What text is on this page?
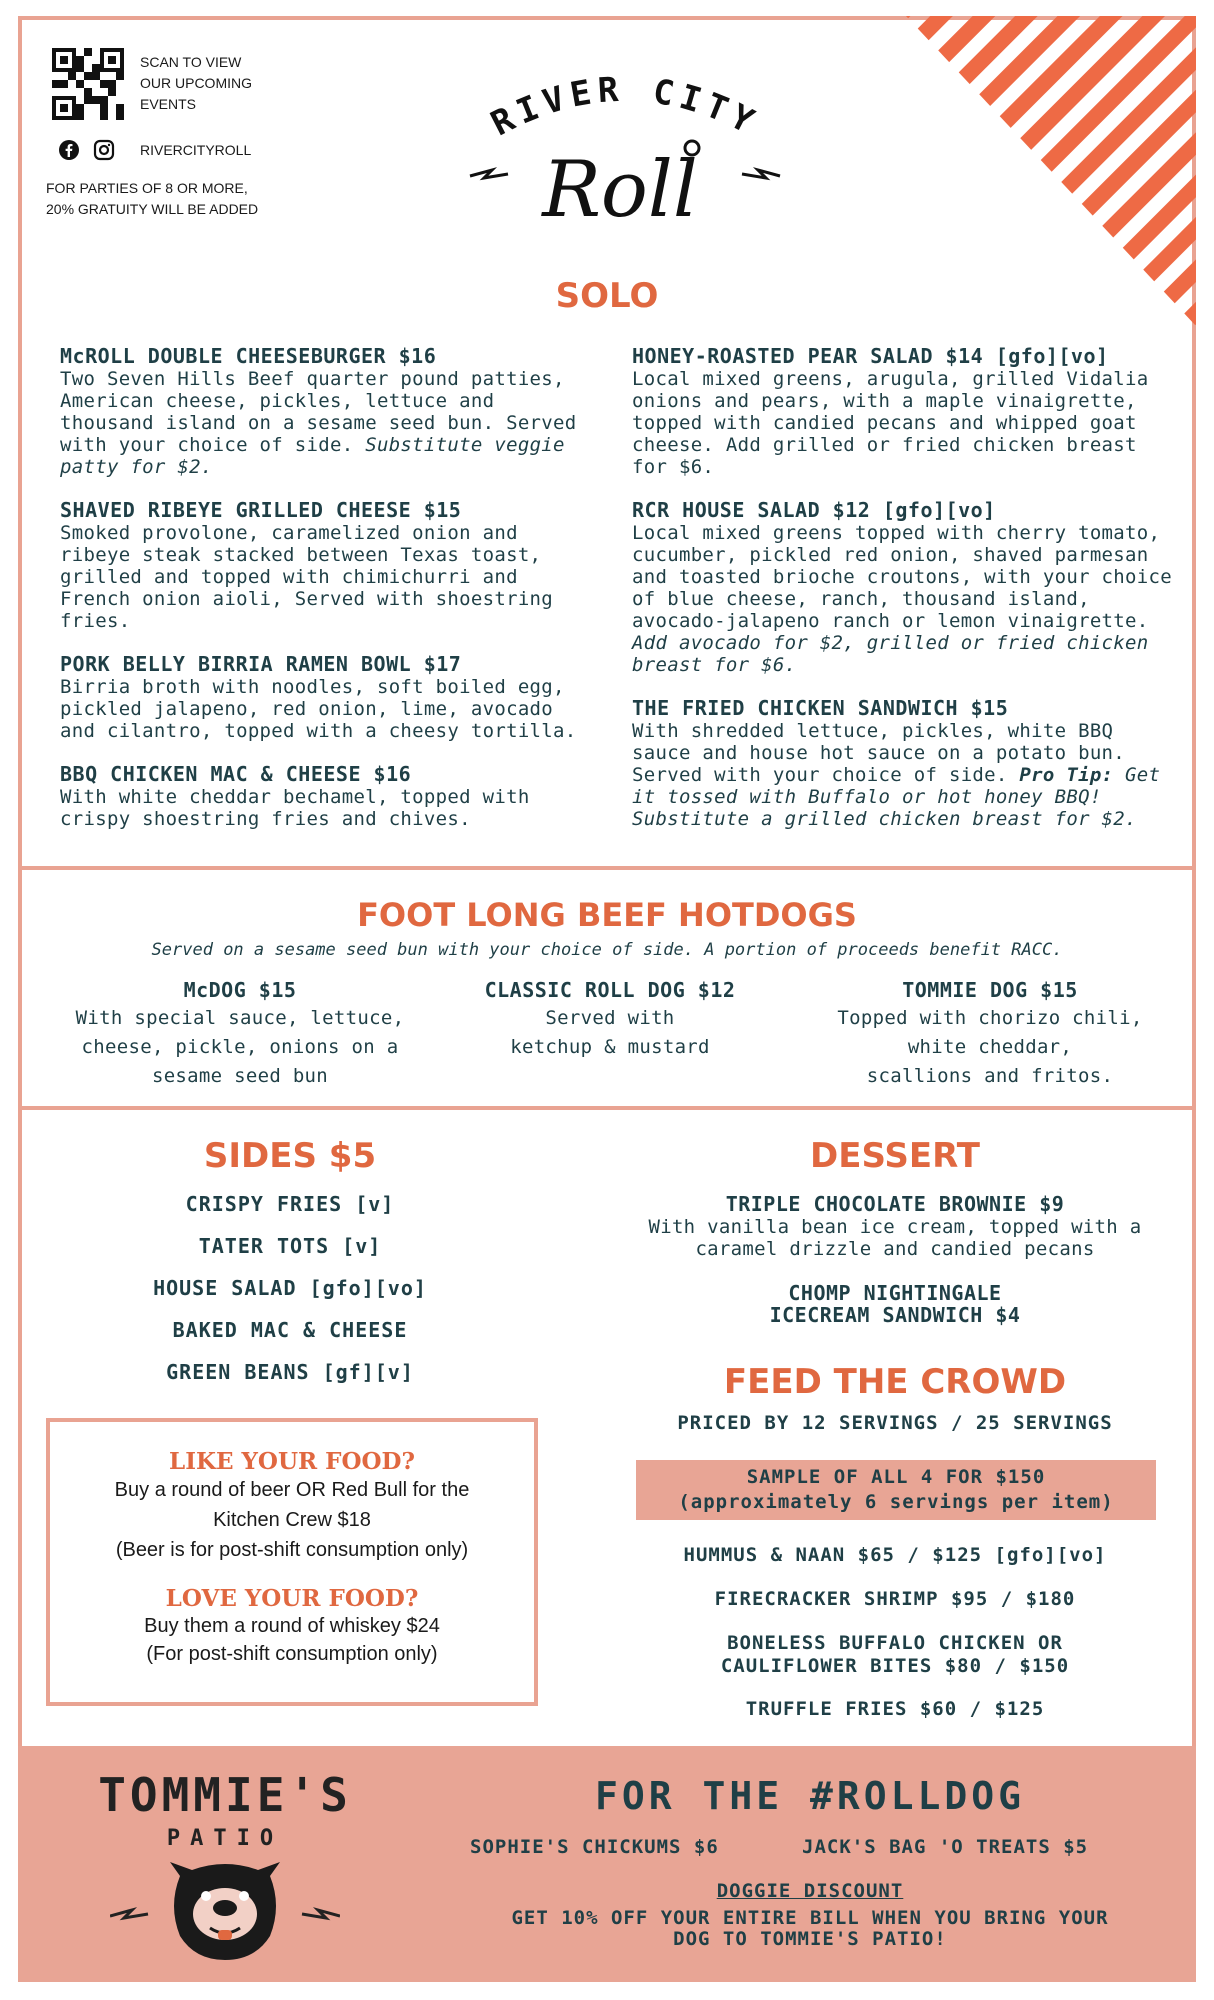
SCAN TO VIEW
OUR UPCOMING
EVENTS
RIVERCITYROLL
FOR PARTIES OF 8 OR MORE,
20% GRATUITY WILL BE ADDED
RIVER CITY
Roll
SOLO
McROLL DOUBLE CHEESEBURGER $16
Two Seven Hills Beef quarter pound patties, American cheese, pickles, lettuce and thousand island on a sesame seed bun. Served with your choice of side. Substitute veggie patty for $2.
SHAVED RIBEYE GRILLED CHEESE $15
Smoked provolone, caramelized onion and ribeye steak stacked between Texas toast, grilled and topped with chimichurri and French onion aioli, Served with shoestring fries.
PORK BELLY BIRRIA RAMEN BOWL $17
Birria broth with noodles, soft boiled egg, pickled jalapeno, red onion, lime, avocado and cilantro, topped with a cheesy tortilla.
BBQ CHICKEN MAC & CHEESE $16
With white cheddar bechamel, topped with crispy shoestring fries and chives.
HONEY-ROASTED PEAR SALAD $14 [gfo][vo]
Local mixed greens, arugula, grilled Vidalia onions and pears, with a maple vinaigrette, topped with candied pecans and whipped goat cheese. Add grilled or fried chicken breast for $6.
RCR HOUSE SALAD $12 [gfo][vo]
Local mixed greens topped with cherry tomato, cucumber, pickled red onion, shaved parmesan and toasted brioche croutons, with your choice of blue cheese, ranch, thousand island, avocado-jalapeno ranch or lemon vinaigrette. Add avocado for $2, grilled or fried chicken breast for $6.
THE FRIED CHICKEN SANDWICH $15
With shredded lettuce, pickles, white BBQ sauce and house hot sauce on a potato bun. Served with your choice of side. Pro Tip: Get it tossed with Buffalo or hot honey BBQ! Substitute a grilled chicken breast for $2.
FOOT LONG BEEF HOTDOGS
Served on a sesame seed bun with your choice of side. A portion of proceeds benefit RACC.
McDOG $15
With special sauce, lettuce,
cheese, pickle, onions on a
sesame seed bun
CLASSIC ROLL DOG $12
Served with
ketchup & mustard
TOMMIE DOG $15
Topped with chorizo chili,
white cheddar,
scallions and fritos.
SIDES $5
CRISPY FRIES [v]
TATER TOTS [v]
HOUSE SALAD [gfo][vo]
BAKED MAC & CHEESE
GREEN BEANS [gf][v]
LIKE YOUR FOOD?
Buy a round of beer OR Red Bull for the
Kitchen Crew $18
(Beer is for post-shift consumption only)
LOVE YOUR FOOD?
Buy them a round of whiskey $24
(For post-shift consumption only)
DESSERT
TRIPLE CHOCOLATE BROWNIE $9
With vanilla bean ice cream, topped with a
caramel drizzle and candied pecans
CHOMP NIGHTINGALE
ICECREAM SANDWICH $4
FEED THE CROWD
PRICED BY 12 SERVINGS / 25 SERVINGS
SAMPLE OF ALL 4 FOR $150
(approximately 6 servings per item)
HUMMUS & NAAN $65 / $125 [gfo][vo]
FIRECRACKER SHRIMP $95 / $180
BONELESS BUFFALO CHICKEN OR
CAULIFLOWER BITES $80 / $150
TRUFFLE FRIES $60 / $125
TOMMIE'S
PATIO
FOR THE #ROLLDOG
SOPHIE'S CHICKUMS $6	JACK'S BAG 'O TREATS $5
DOGGIE DISCOUNT
GET 10% OFF YOUR ENTIRE BILL WHEN YOU BRING YOUR
DOG TO TOMMIE'S PATIO!
